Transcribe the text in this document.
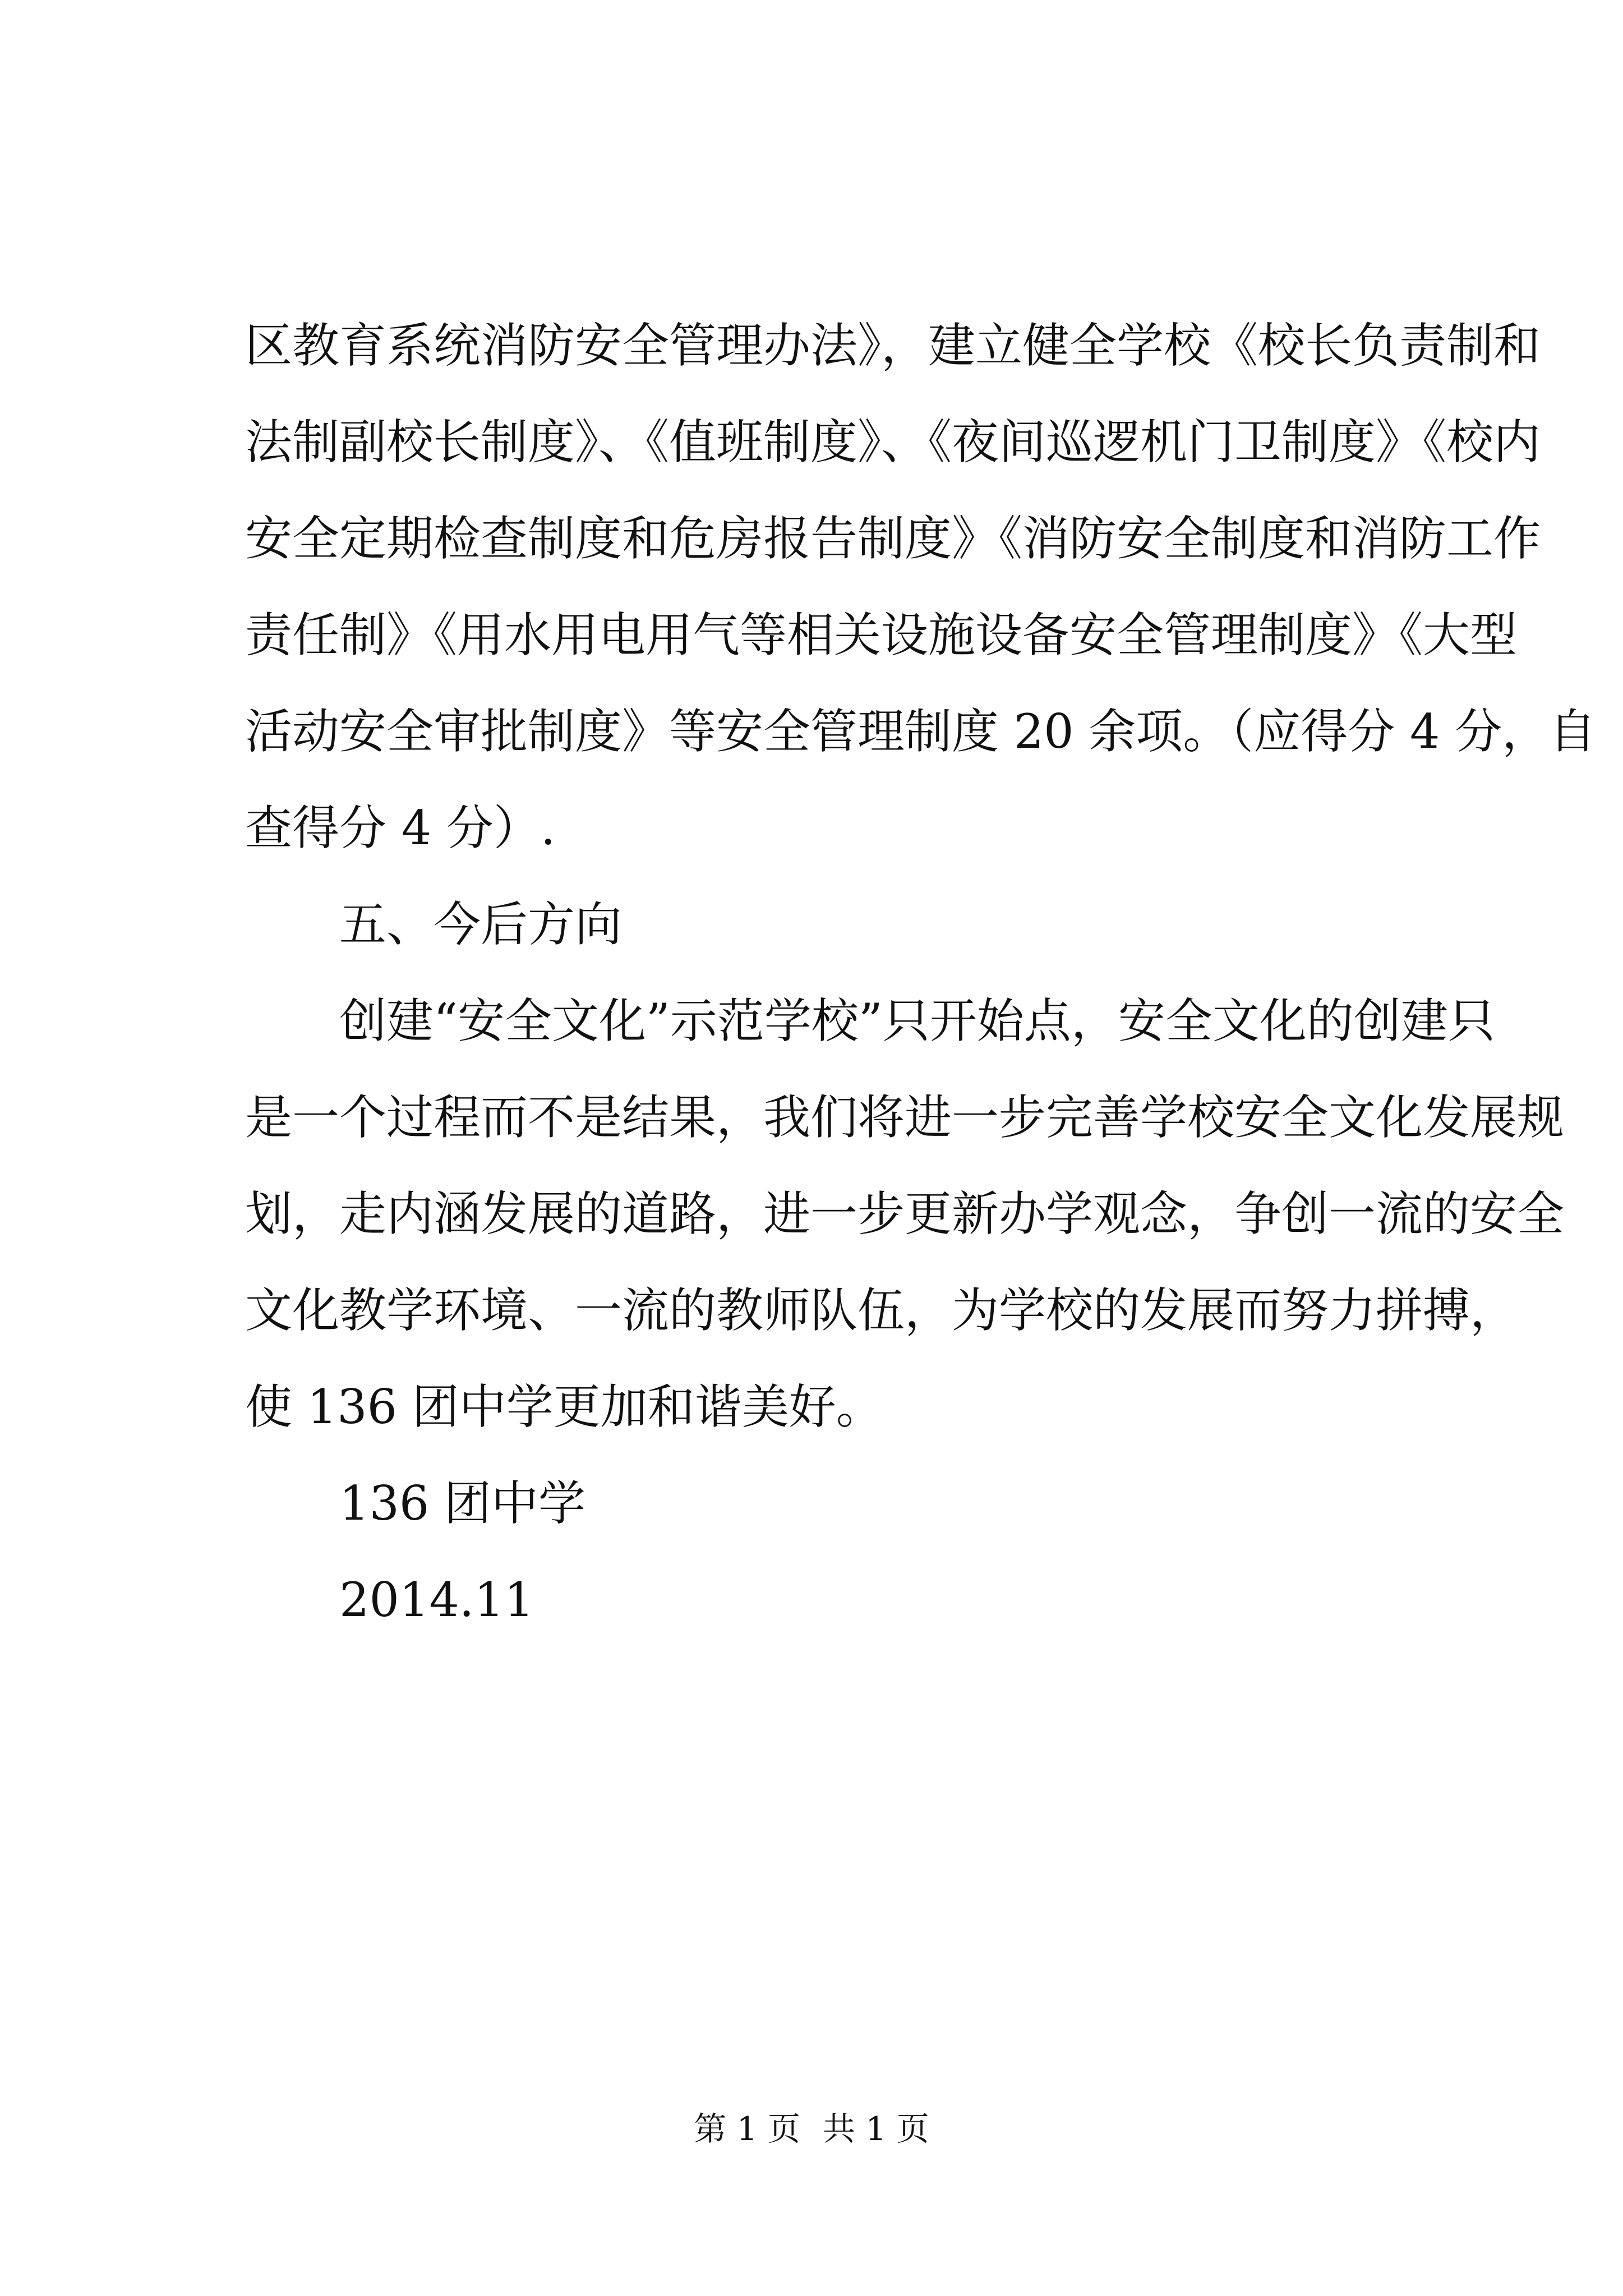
区教育系统消防安全管理办法》，建立健全学校《校长负责制和
法制副校长制度》、《值班制度》、《夜间巡逻机门卫制度》《校内
安全定期检查制度和危房报告制度》《消防安全制度和消防工作
责任制》《用水用电用气等相关设施设备安全管理制度》《大型
活动安全审批制度》等安全管理制度 20 余项。（应得分 4 分，自
查得分 4 分）.
五、今后方向
创建“安全文化”示范学校”只开始点，安全文化的创建只
是一个过程而不是结果，我们将进一步完善学校安全文化发展规
划，走内涵发展的道路，进一步更新办学观念，争创一流的安全
文化教学环境、一流的教师队伍，为学校的发展而努力拼搏，
使 136 团中学更加和谐美好。
136 团中学
2014.11
第 1 页 共 1 页
